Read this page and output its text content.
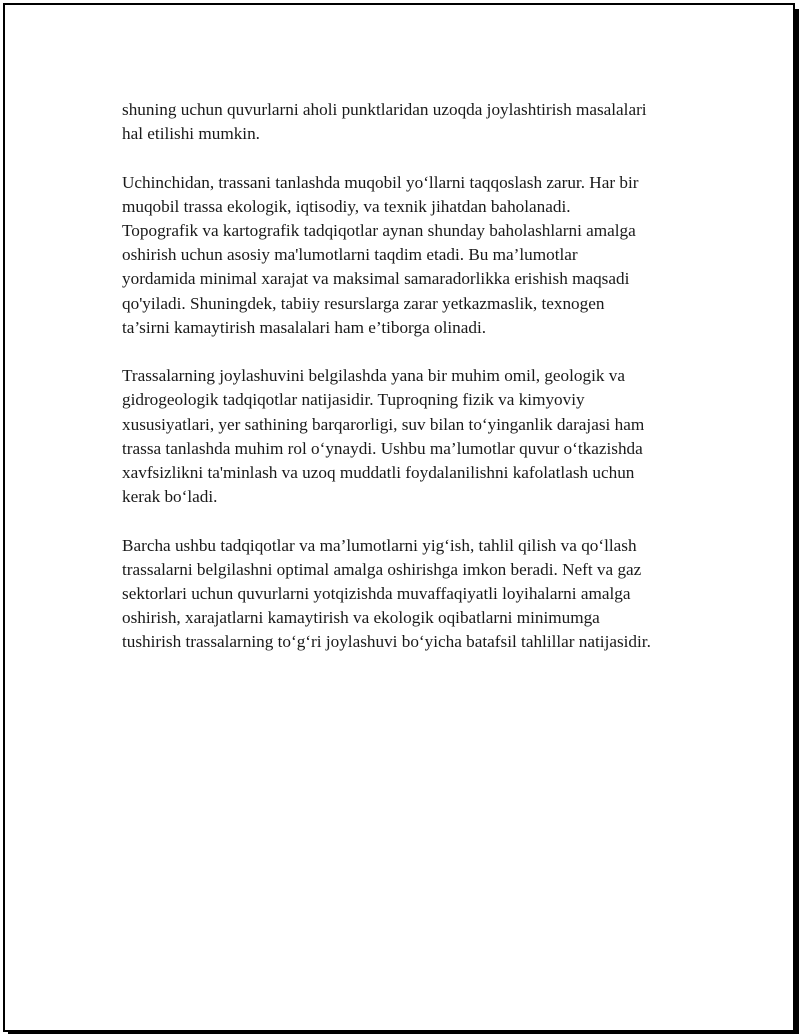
shuning uchun quvurlarni aholi punktlaridan uzoqda joylashtirish masalalari
hal etilishi mumkin.

Uchinchidan, trassani tanlashda muqobil yo‘llarni taqqoslash zarur. Har bir
muqobil trassa ekologik, iqtisodiy, va texnik jihatdan baholanadi.
Topografik va kartografik tadqiqotlar aynan shunday baholashlarni amalga
oshirish uchun asosiy ma'lumotlarni taqdim etadi. Bu ma’lumotlar
yordamida minimal xarajat va maksimal samaradorlikka erishish maqsadi
qo'yiladi. Shuningdek, tabiiy resurslarga zarar yetkazmaslik, texnogen
ta’sirni kamaytirish masalalari ham e’tiborga olinadi.

Trassalarning joylashuvini belgilashda yana bir muhim omil, geologik va
gidrogeologik tadqiqotlar natijasidir. Tuproqning fizik va kimyoviy
xususiyatlari, yer sathining barqarorligi, suv bilan to‘yinganlik darajasi ham
trassa tanlashda muhim rol o‘ynaydi. Ushbu ma’lumotlar quvur o‘tkazishda
xavfsizlikni ta'minlash va uzoq muddatli foydalanilishni kafolatlash uchun
kerak bo‘ladi.

Barcha ushbu tadqiqotlar va ma’lumotlarni yig‘ish, tahlil qilish va qo‘llash
trassalarni belgilashni optimal amalga oshirishga imkon beradi. Neft va gaz
sektorlari uchun quvurlarni yotqizishda muvaffaqiyatli loyihalarni amalga
oshirish, xarajatlarni kamaytirish va ekologik oqibatlarni minimumga
tushirish trassalarning to‘g‘ri joylashuvi bo‘yicha batafsil tahlillar natijasidir.
